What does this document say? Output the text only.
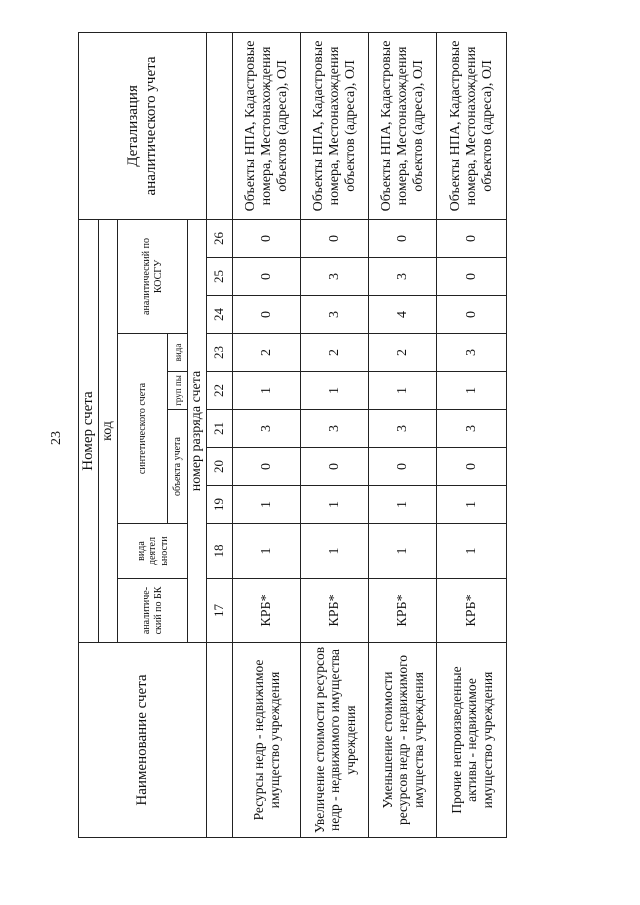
23
Наименование счета	Номер счета										Детализация аналитического учета
	код										
	аналитический по БК	вида деятел ьности	синтетического счета					аналитический по КОСГУ			
			объекта учета			груп пы	вида				
	номер разряда счета										
	17	18	19	20	21	22	23	24	25	26	
Ресурсы недр - недвижимое имущество учреждения	КРБ*	1	1	0	3	1	2	0	0	0	Объекты НПА, Кадастровые номера, Местонахождения объектов (адреса), ОЛ
Увеличение стоимости ресурсов недр - недвижимого имущества учреждения	КРБ*	1	1	0	3	1	2	3	3	0	Объекты НПА, Кадастровые номера, Местонахождения объектов (адреса), ОЛ
Уменьшение стоимости ресурсов недр - недвижимого имущества учреждения	КРБ*	1	1	0	3	1	2	4	3	0	Объекты НПА, Кадастровые номера, Местонахождения объектов (адреса), ОЛ
Прочие непроизведенные активы - недвижимое имущество учреждения	КРБ*	1	1	0	3	1	3	0	0	0	Объекты НПА, Кадастровые номера, Местонахождения объектов (адреса), ОЛ
